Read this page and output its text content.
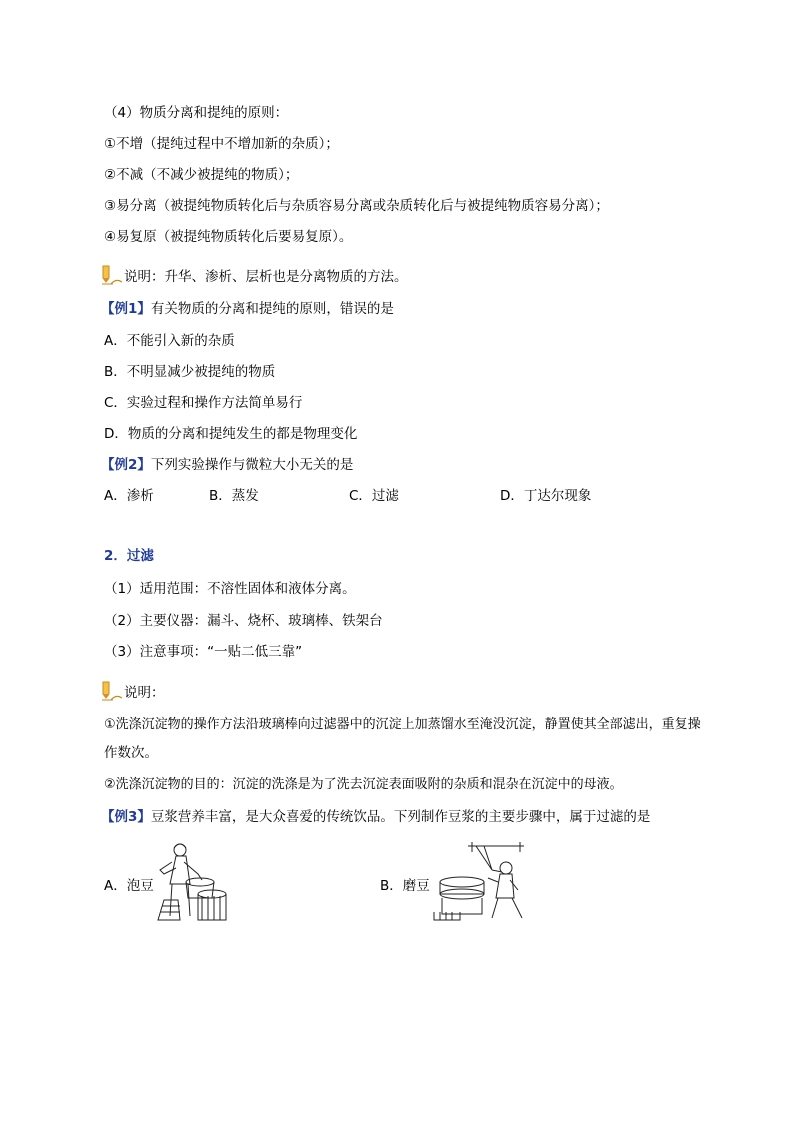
（4）物质分离和提纯的原则：
①不增（提纯过程中不增加新的杂质）；
②不减（不减少被提纯的物质）；
③易分离（被提纯物质转化后与杂质容易分离或杂质转化后与被提纯物质容易分离）；
④易复原（被提纯物质转化后要易复原）。
说明：升华、渗析、层析也是分离物质的方法。
【例1】有关物质的分离和提纯的原则，错误的是
A．不能引入新的杂质
B．不明显减少被提纯的物质
C．实验过程和操作方法简单易行
D．物质的分离和提纯发生的都是物理变化
【例2】下列实验操作与微粒大小无关的是
A．渗析	B．蒸发	C．过滤	D．丁达尔现象
2．过滤
（1）适用范围：不溶性固体和液体分离。
（2）主要仪器：漏斗、烧杯、玻璃棒、铁架台
（3）注意事项：“一贴二低三靠”
说明：
①洗涤沉淀物的操作方法沿玻璃棒向过滤器中的沉淀上加蒸馏水至淹没沉淀，静置使其全部滤出，重复操
作数次。
②洗涤沉淀物的目的：沉淀的洗涤是为了洗去沉淀表面吸附的杂质和混杂在沉淀中的母液。
【例3】豆浆营养丰富，是大众喜爱的传统饮品。下列制作豆浆的主要步骤中，属于过滤的是
A．泡豆	B．磨豆
